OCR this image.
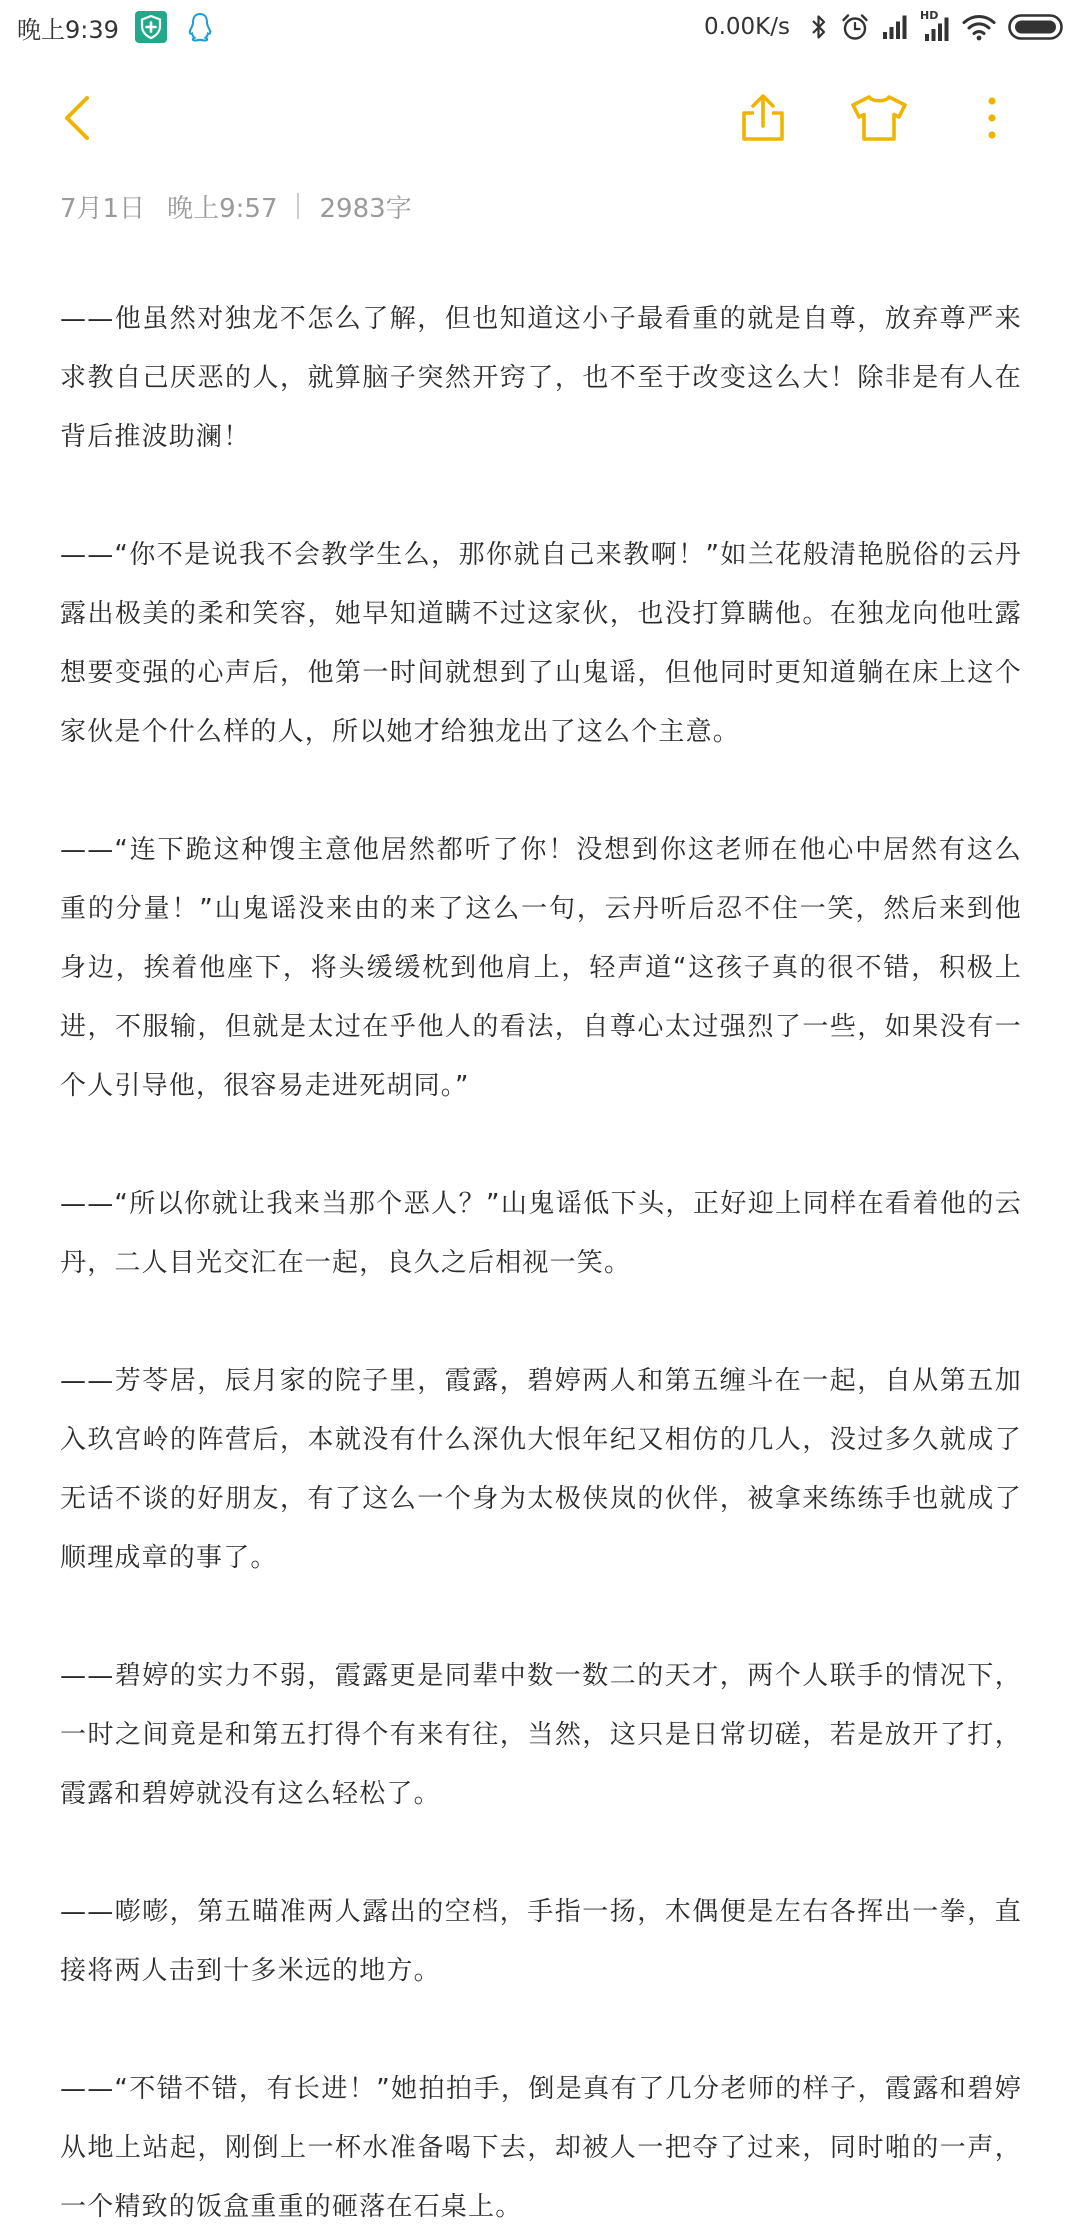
晚上9:39	0.00K/s	HD
7月1日 晚上9:57 2983字

——他虽然对独龙不怎么了解，但也知道这小子最看重的就是自尊，放弃尊严来求教自己厌恶的人，就算脑子突然开窍了，也不至于改变这么大！除非是有人在背后推波助澜！

——“你不是说我不会教学生么，那你就自己来教啊！”如兰花般清艳脱俗的云丹露出极美的柔和笑容，她早知道瞒不过这家伙，也没打算瞒他。在独龙向他吐露想要变强的心声后，他第一时间就想到了山鬼谣，但他同时更知道躺在床上这个家伙是个什么样的人，所以她才给独龙出了这么个主意。

——“连下跪这种馊主意他居然都听了你！没想到你这老师在他心中居然有这么重的分量！”山鬼谣没来由的来了这么一句，云丹听后忍不住一笑，然后来到他身边，挨着他座下，将头缓缓枕到他肩上，轻声道“这孩子真的很不错，积极上进，不服输，但就是太过在乎他人的看法，自尊心太过强烈了一些，如果没有一个人引导他，很容易走进死胡同。”

——“所以你就让我来当那个恶人？”山鬼谣低下头，正好迎上同样在看着他的云丹，二人目光交汇在一起，良久之后相视一笑。

——芳苓居，辰月家的院子里，霞露，碧婷两人和第五缠斗在一起，自从第五加入玖宫岭的阵营后，本就没有什么深仇大恨年纪又相仿的几人，没过多久就成了无话不谈的好朋友，有了这么一个身为太极侠岚的伙伴，被拿来练练手也就成了顺理成章的事了。

——碧婷的实力不弱，霞露更是同辈中数一数二的天才，两个人联手的情况下，一时之间竟是和第五打得个有来有往，当然，这只是日常切磋，若是放开了打，霞露和碧婷就没有这么轻松了。

——嘭嘭，第五瞄准两人露出的空档，手指一扬，木偶便是左右各挥出一拳，直接将两人击到十多米远的地方。

——“不错不错，有长进！”她拍拍手，倒是真有了几分老师的样子，霞露和碧婷从地上站起，刚倒上一杯水准备喝下去，却被人一把夺了过来，同时啪的一声，一个精致的饭盒重重的砸落在石桌上。
